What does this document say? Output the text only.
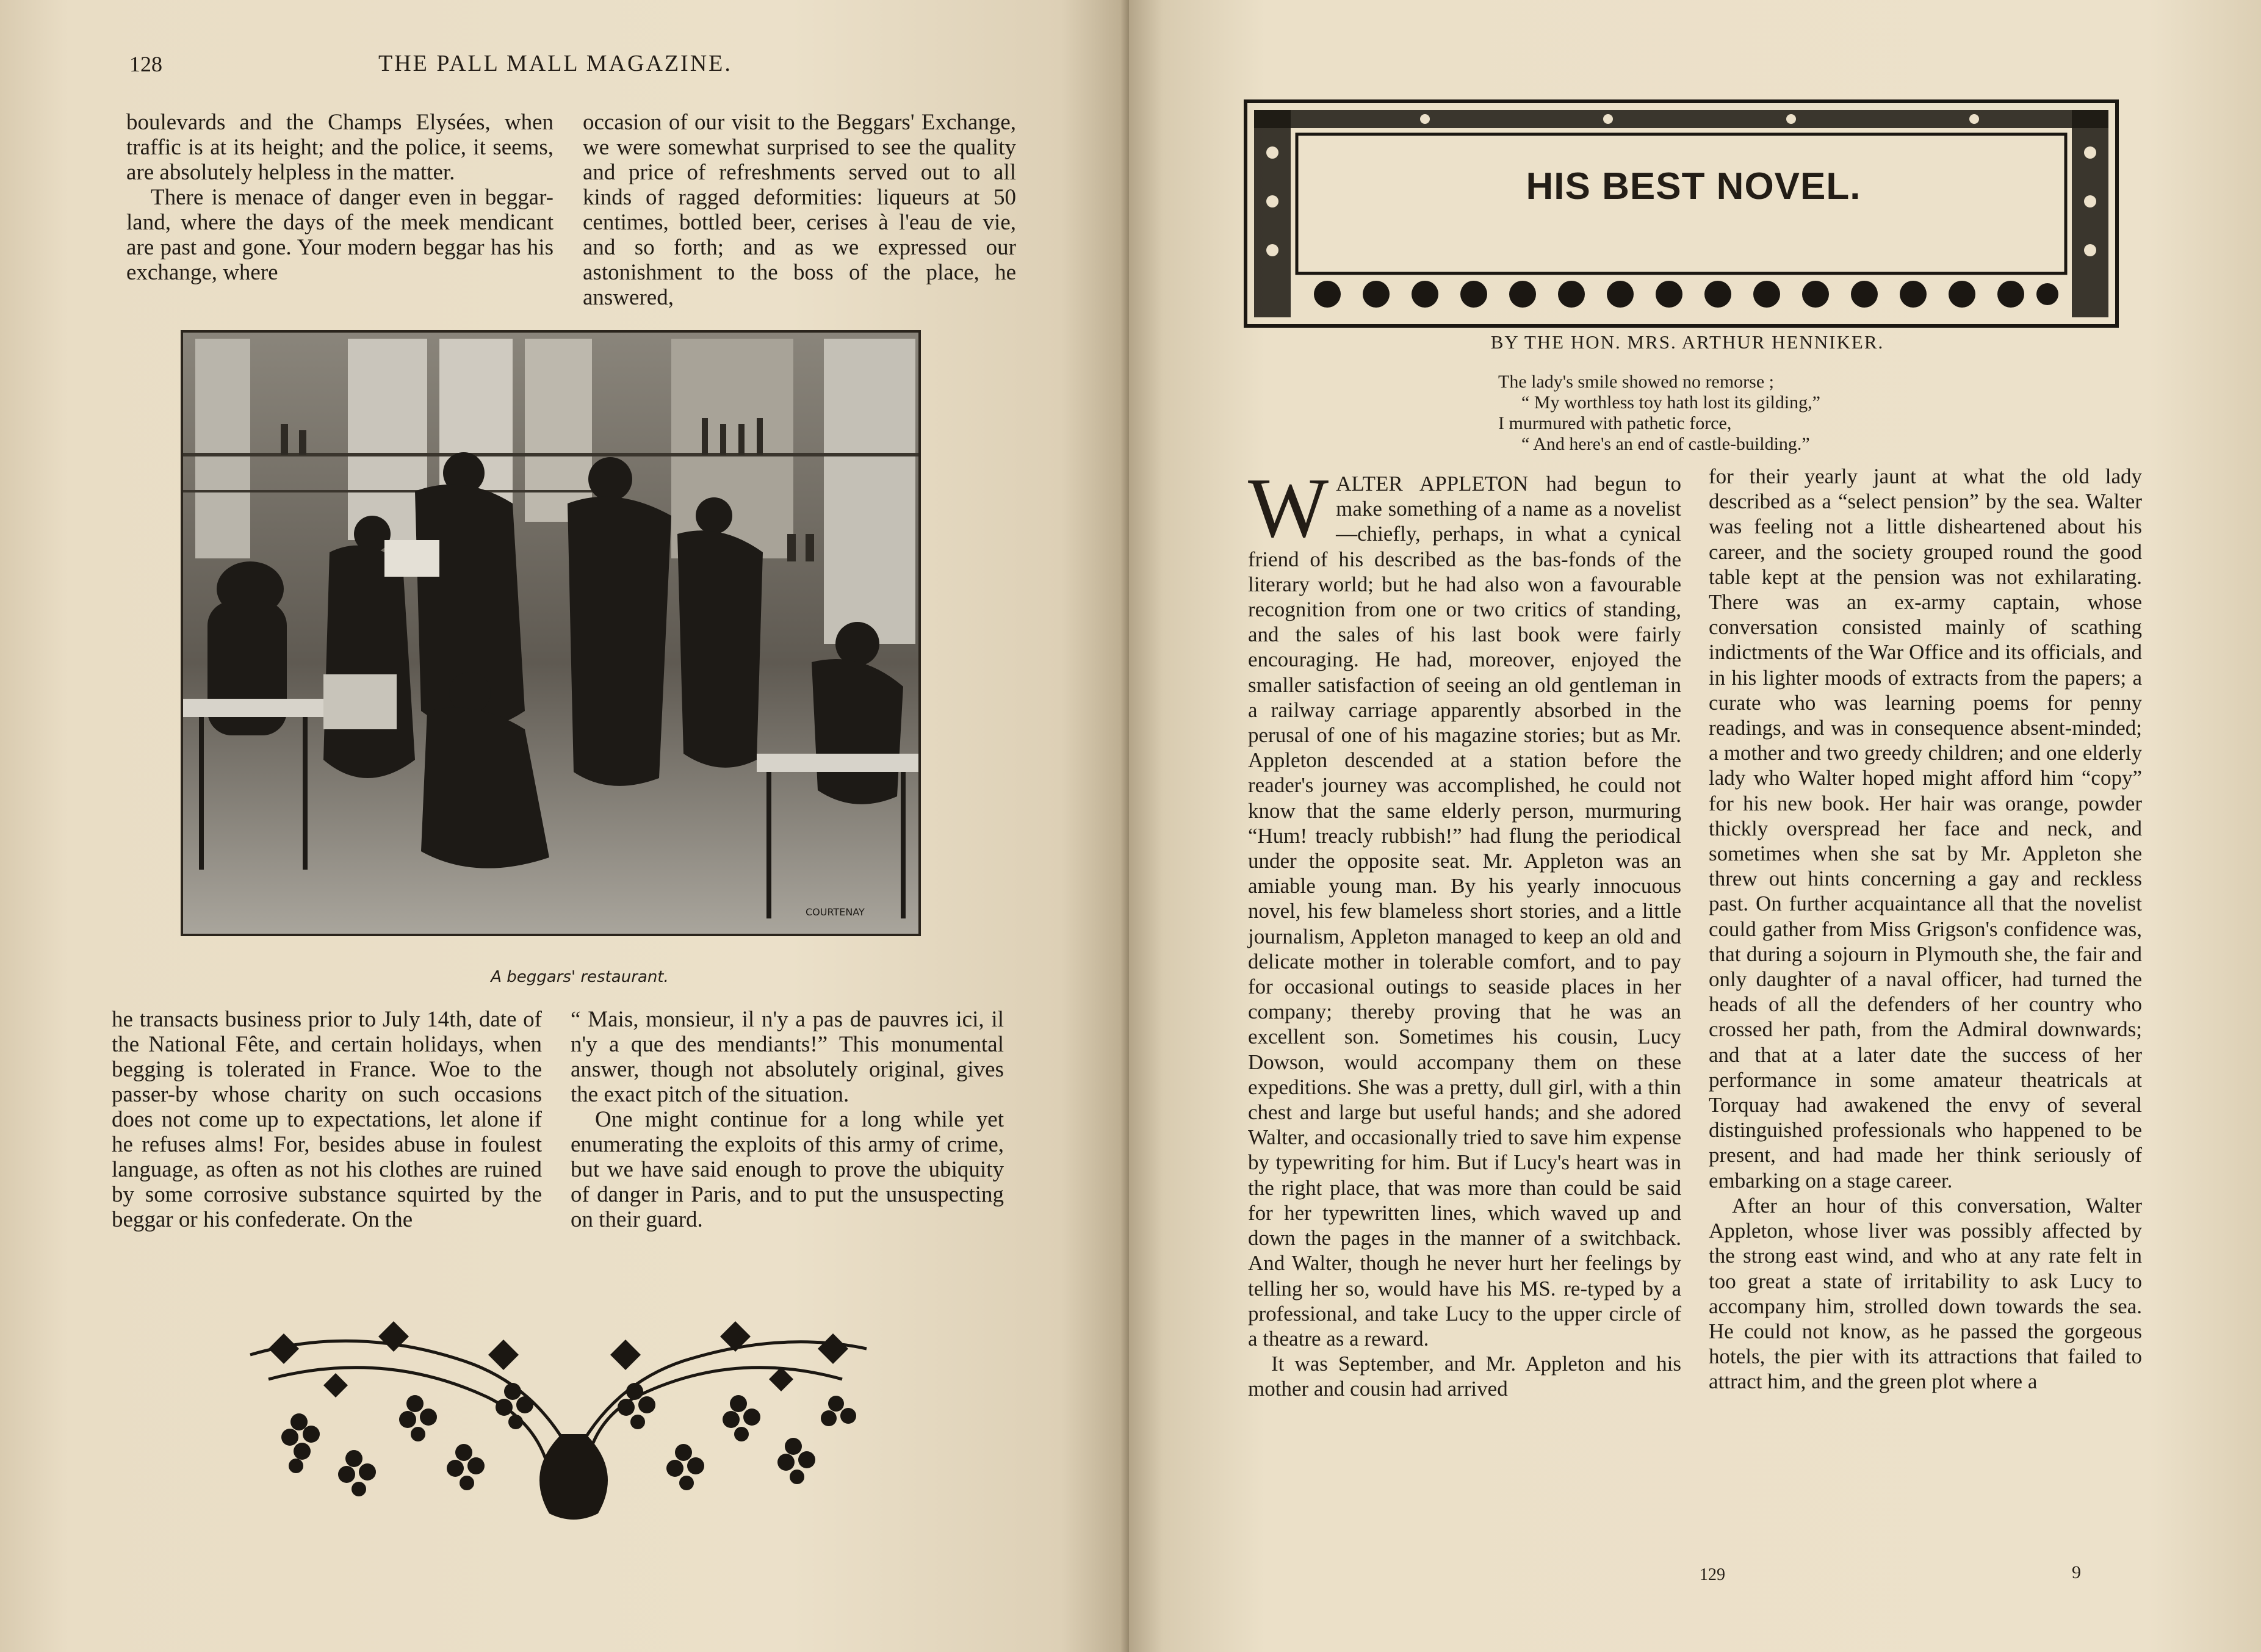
128	THE PALL MALL MAGAZINE.

boulevards and the Champs Elysées, when traffic is at its height; and the police, it seems, are absolutely helpless in the matter.

There is menace of danger even in beggar-land, where the days of the meek mendicant are past and gone. Your modern beggar has his exchange, where

occasion of our visit to the Beggars' Exchange, we were somewhat surprised to see the quality and price of refreshments served out to all kinds of ragged deformities: liqueurs at 50 centimes, bottled beer, cerises à l'eau de vie, and so forth; and as we expressed our astonishment to the boss of the place, he answered,

COURTENAY
A beggars' restaurant.

he transacts business prior to July 14th, date of the National Fête, and certain holidays, when begging is tolerated in France. Woe to the passer-by whose charity on such occasions does not come up to expectations, let alone if he refuses alms! For, besides abuse in foulest language, as often as not his clothes are ruined by some corrosive substance squirted by the beggar or his confederate. On the

“ Mais, monsieur, il n'y a pas de pauvres ici, il n'y a que des mendiants!” This monumental answer, though not absolutely original, gives the exact pitch of the situation.

One might continue for a long while yet enumerating the exploits of this army of crime, but we have said enough to prove the ubiquity of danger in Paris, and to put the unsuspecting on their guard.

HIS BEST NOVEL.
BY THE HON. MRS. ARTHUR HENNIKER.
The lady's smile showed no remorse ;
“ My worthless toy hath lost its gilding,”
I murmured with pathetic force,
“ And here's an end of castle-building.”

WALTER APPLETON had begun to make something of a name as a novelist—chiefly, perhaps, in what a cynical friend of his described as the bas-fonds of the literary world; but he had also won a favourable recognition from one or two critics of standing, and the sales of his last book were fairly encouraging. He had, moreover, enjoyed the smaller satisfaction of seeing an old gentleman in a railway carriage apparently absorbed in the perusal of one of his magazine stories; but as Mr. Appleton descended at a station before the reader's journey was accomplished, he could not know that the same elderly person, murmuring “Hum! treacly rubbish!” had flung the periodical under the opposite seat. Mr. Appleton was an amiable young man. By his yearly innocuous novel, his few blameless short stories, and a little journalism, Appleton managed to keep an old and delicate mother in tolerable comfort, and to pay for occasional outings to seaside places in her company; thereby proving that he was an excellent son. Sometimes his cousin, Lucy Dowson, would accompany them on these expeditions. She was a pretty, dull girl, with a thin chest and large but useful hands; and she adored Walter, and occasionally tried to save him expense by typewriting for him. But if Lucy's heart was in the right place, that was more than could be said for her typewritten lines, which waved up and down the pages in the manner of a switchback. And Walter, though he never hurt her feelings by telling her so, would have his MS. re-typed by a professional, and take Lucy to the upper circle of a theatre as a reward.

It was September, and Mr. Appleton and his mother and cousin had arrived

for their yearly jaunt at what the old lady described as a “select pension” by the sea. Walter was feeling not a little disheartened about his career, and the society grouped round the good table kept at the pension was not exhilarating. There was an ex-army captain, whose conversation consisted mainly of scathing indictments of the War Office and its officials, and in his lighter moods of extracts from the papers; a curate who was learning poems for penny readings, and was in consequence absent-minded; a mother and two greedy children; and one elderly lady who Walter hoped might afford him “copy” for his new book. Her hair was orange, powder thickly overspread her face and neck, and sometimes when she sat by Mr. Appleton she threw out hints concerning a gay and reckless past. On further acquaintance all that the novelist could gather from Miss Grigson's confidence was, that during a sojourn in Plymouth she, the fair and only daughter of a naval officer, had turned the heads of all the defenders of her country who crossed her path, from the Admiral downwards; and that at a later date the success of her performance in some amateur theatricals at Torquay had awakened the envy of several distinguished professionals who happened to be present, and had made her think seriously of embarking on a stage career.

After an hour of this conversation, Walter Appleton, whose liver was possibly affected by the strong east wind, and who at any rate felt in too great a state of irritability to ask Lucy to accompany him, strolled down towards the sea. He could not know, as he passed the gorgeous hotels, the pier with its attractions that failed to attract him, and the green plot where a

129	9
